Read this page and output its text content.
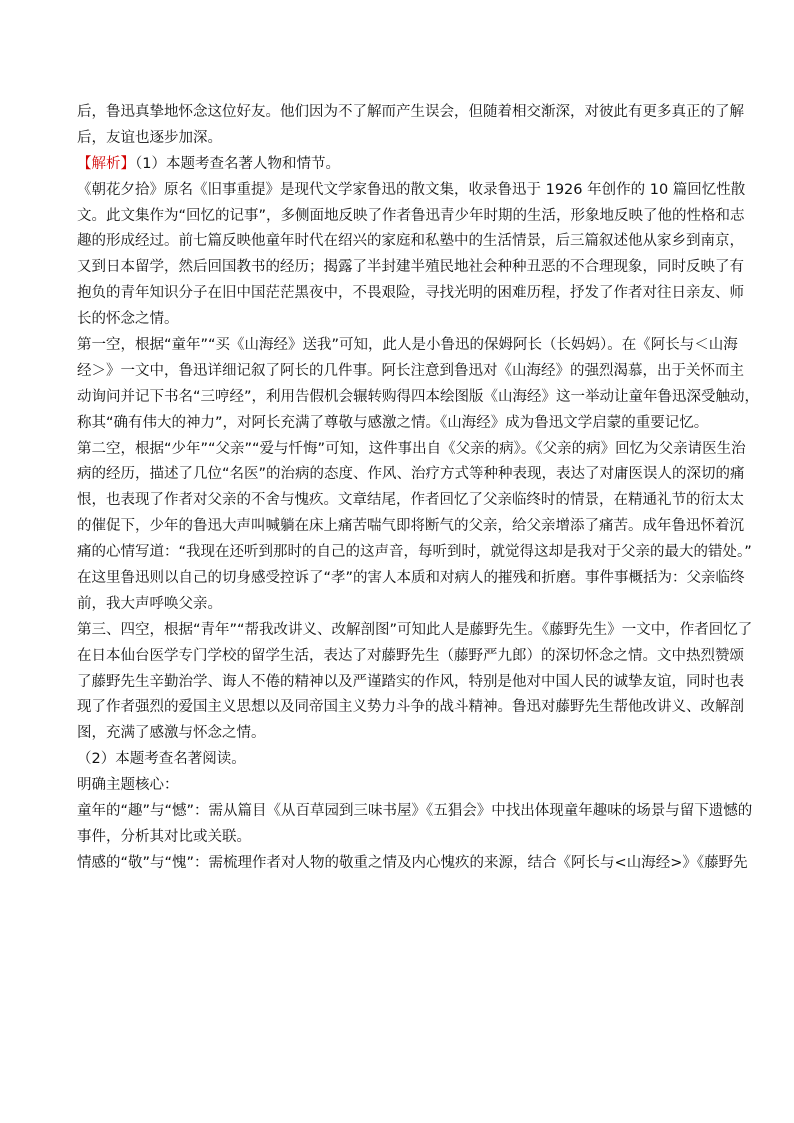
后，鲁迅真挚地怀念这位好友。他们因为不了解而产生误会，但随着相交渐深，对彼此有更多真正的了解
后，友谊也逐步加深。
【解析】（1）本题考查名著人物和情节。
《朝花夕拾》原名《旧事重提》是现代文学家鲁迅的散文集，收录鲁迅于 1926 年创作的 10 篇回忆性散
文。此文集作为“回忆的记事”，多侧面地反映了作者鲁迅青少年时期的生活，形象地反映了他的性格和志
趣的形成经过。前七篇反映他童年时代在绍兴的家庭和私塾中的生活情景，后三篇叙述他从家乡到南京，
又到日本留学，然后回国教书的经历；揭露了半封建半殖民地社会种种丑恶的不合理现象，同时反映了有
抱负的青年知识分子在旧中国茫茫黑夜中，不畏艰险，寻找光明的困难历程，抒发了作者对往日亲友、师
长的怀念之情。
第一空，根据“童年”“买《山海经》送我”可知，此人是小鲁迅的保姆阿长（长妈妈）。在《阿长与＜山海
经＞》一文中，鲁迅详细记叙了阿长的几件事。阿长注意到鲁迅对《山海经》的强烈渴慕，出于关怀而主
动询问并记下书名“三哼经”，利用告假机会辗转购得四本绘图版《山海经》这一举动让童年鲁迅深受触动，
称其“确有伟大的神力”，对阿长充满了尊敬与感激之情。《山海经》成为鲁迅文学启蒙的重要记忆。
第二空，根据“少年”“父亲”“爱与忏悔”可知，这件事出自《父亲的病》。《父亲的病》回忆为父亲请医生治
病的经历，描述了几位“名医”的治病的态度、作风、治疗方式等种种表现，表达了对庸医误人的深切的痛
恨，也表现了作者对父亲的不舍与愧疚。文章结尾，作者回忆了父亲临终时的情景，在精通礼节的衍太太
的催促下，少年的鲁迅大声叫喊躺在床上痛苦喘气即将断气的父亲，给父亲增添了痛苦。成年鲁迅怀着沉
痛的心情写道：“我现在还听到那时的自己的这声音，每听到时，就觉得这却是我对于父亲的最大的错处。”
在这里鲁迅则以自己的切身感受控诉了“孝”的害人本质和对病人的摧残和折磨。事件事概括为：父亲临终
前，我大声呼唤父亲。
第三、四空，根据“青年”“帮我改讲义、改解剖图”可知此人是藤野先生。《藤野先生》一文中，作者回忆了
在日本仙台医学专门学校的留学生活，表达了对藤野先生（藤野严九郎）的深切怀念之情。文中热烈赞颂
了藤野先生辛勤治学、诲人不倦的精神以及严谨踏实的作风，特别是他对中国人民的诚挚友谊，同时也表
现了作者强烈的爱国主义思想以及同帝国主义势力斗争的战斗精神。鲁迅对藤野先生帮他改讲义、改解剖
图，充满了感激与怀念之情。
（2）本题考查名著阅读。
明确主题核心：
童年的“趣”与“憾”：需从篇目《从百草园到三味书屋》《五猖会》中找出体现童年趣味的场景与留下遗憾的
事件，分析其对比或关联。
情感的“敬”与“愧”：需梳理作者对人物的敬重之情及内心愧疚的来源，结合《阿长与<山海经>》《藤野先
